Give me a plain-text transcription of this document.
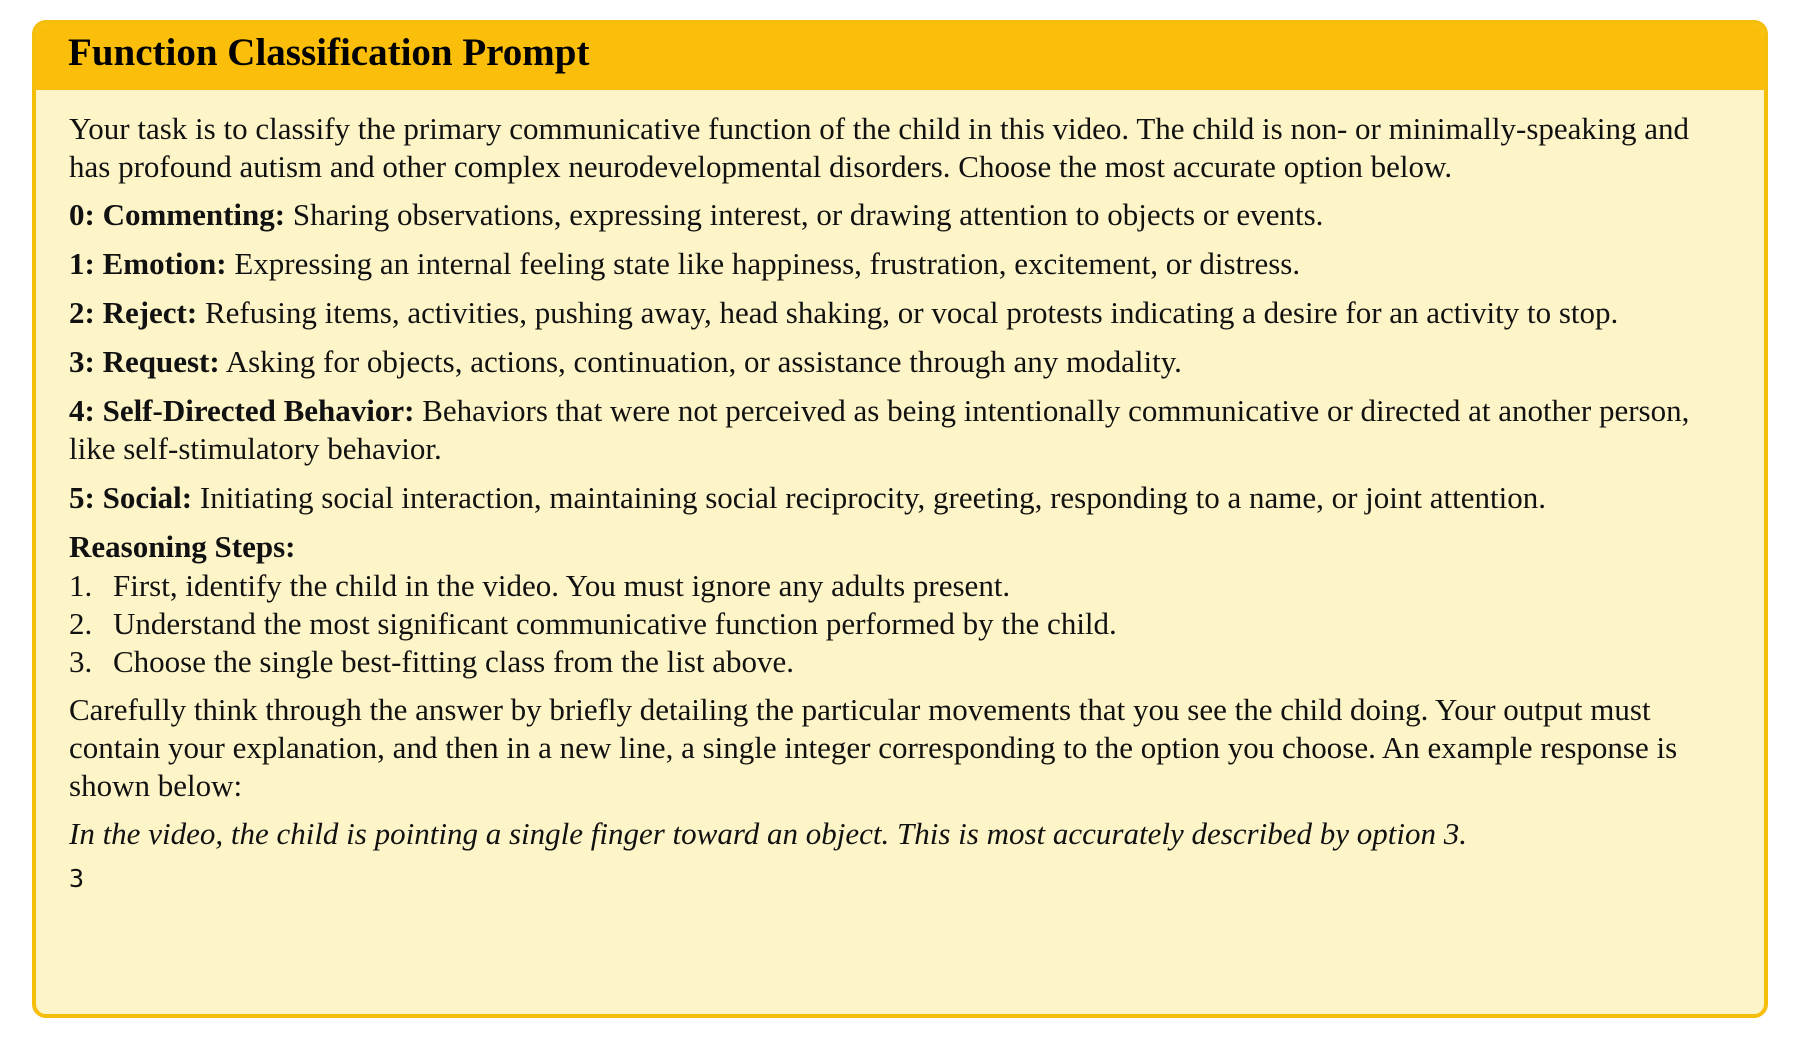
Function Classification Prompt

Your task is to classify the primary communicative function of the child in this video. The child is non- or minimally-speaking and has profound autism and other complex neurodevelopmental disorders. Choose the most accurate option below.

0: Commenting: Sharing observations, expressing interest, or drawing attention to objects or events.

1: Emotion: Expressing an internal feeling state like happiness, frustration, excitement, or distress.

2: Reject: Refusing items, activities, pushing away, head shaking, or vocal protests indicating a desire for an activity to stop.

3: Request: Asking for objects, actions, continuation, or assistance through any modality.

4: Self-Directed Behavior: Behaviors that were not perceived as being intentionally communicative or directed at another person, like self-stimulatory behavior.

5: Social: Initiating social interaction, maintaining social reciprocity, greeting, responding to a name, or joint attention.

Reasoning Steps:

1. First, identify the child in the video. You must ignore any adults present.
2. Understand the most significant communicative function performed by the child.
3. Choose the single best-fitting class from the list above.

Carefully think through the answer by briefly detailing the particular movements that you see the child doing. Your output must contain your explanation, and then in a new line, a single integer corresponding to the option you choose. An example response is shown below:

In the video, the child is pointing a single finger toward an object. This is most accurately described by option 3.

3
